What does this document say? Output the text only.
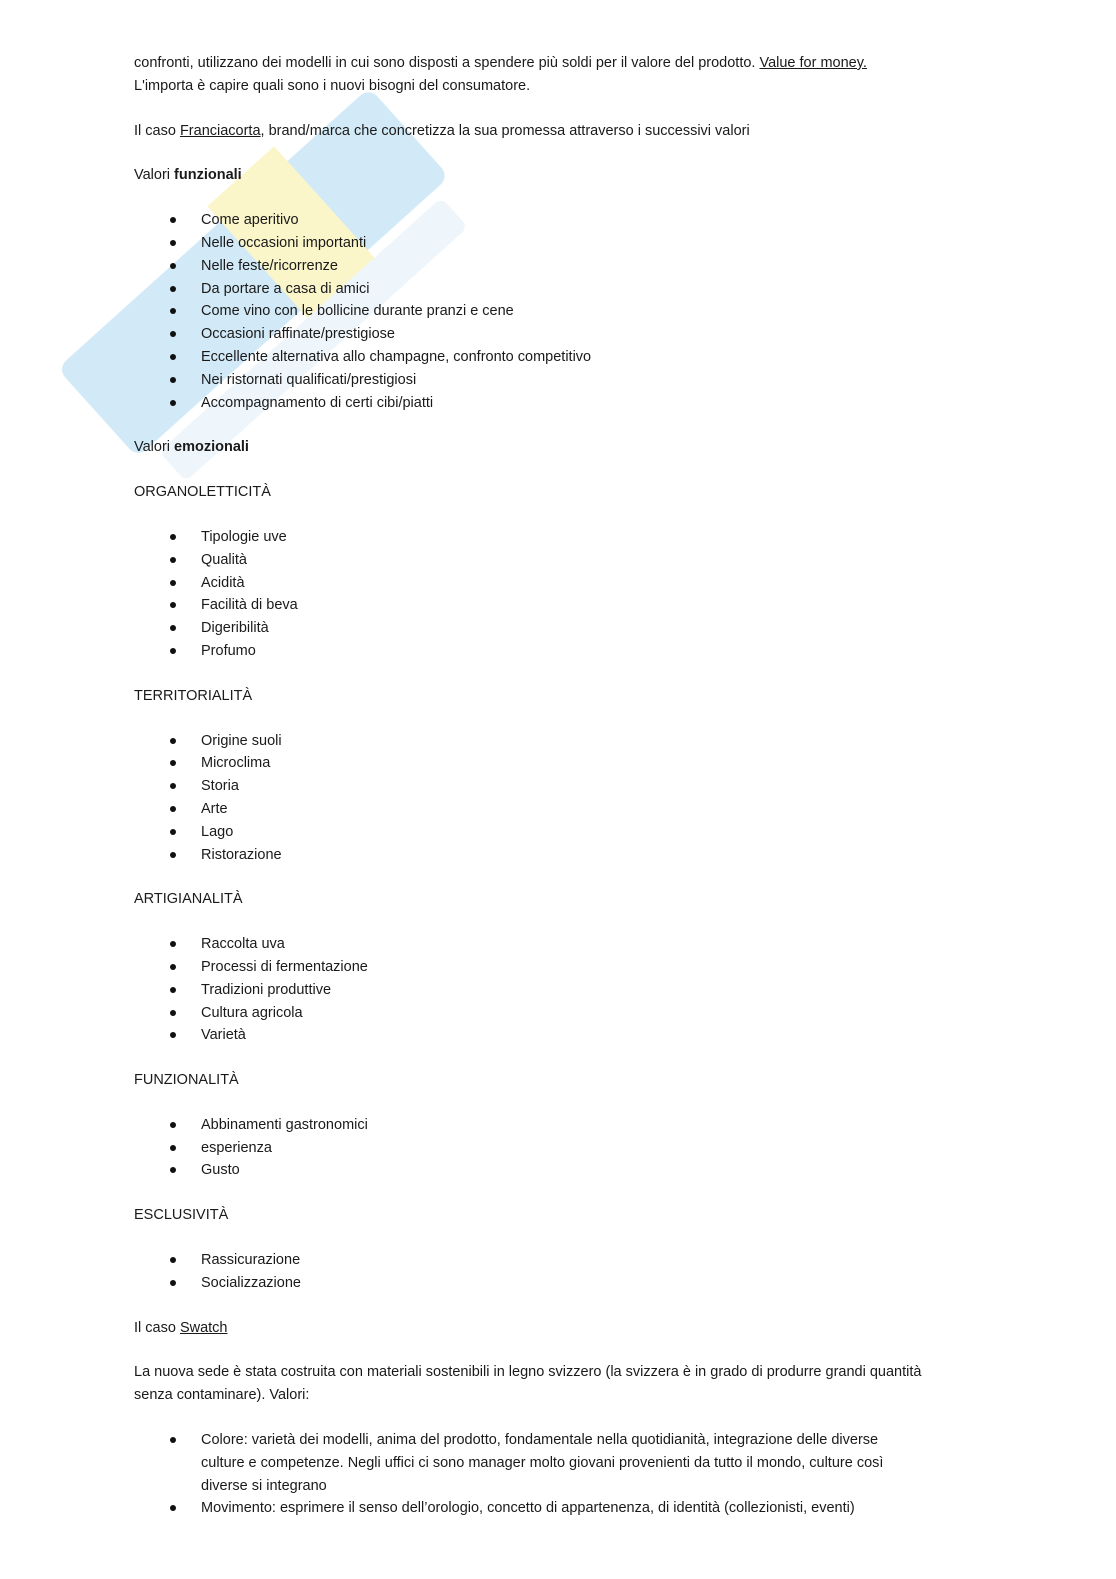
confronti, utilizzano dei modelli in cui sono disposti a spendere più soldi per il valore del prodotto. Value for money.

L'importa è capire quali sono i nuovi bisogni del consumatore.

Il caso Franciacorta, brand/marca che concretizza la sua promessa attraverso i successivi valori

Valori funzionali

Come aperitivo
Nelle occasioni importanti
Nelle feste/ricorrenze
Da portare a casa di amici
Come vino con le bollicine durante pranzi e cene
Occasioni raffinate/prestigiose
Eccellente alternativa allo champagne, confronto competitivo
Nei ristornati qualificati/prestigiosi
Accompagnamento di certi cibi/piatti

Valori emozionali

ORGANOLETTICITÀ

Tipologie uve
Qualità
Acidità
Facilità di beva
Digeribilità
Profumo

TERRITORIALITÀ

Origine suoli
Microclima
Storia
Arte
Lago
Ristorazione

ARTIGIANALITÀ

Raccolta uva
Processi di fermentazione
Tradizioni produttive
Cultura agricola
Varietà

FUNZIONALITÀ

Abbinamenti gastronomici
esperienza
Gusto

ESCLUSIVITÀ

Rassicurazione
Socializzazione

Il caso Swatch

La nuova sede è stata costruita con materiali sostenibili in legno svizzero (la svizzera è in grado di produrre grandi quantità

senza contaminare). Valori:

Colore: varietà dei modelli, anima del prodotto, fondamentale nella quotidianità, integrazione delle diverse
culture e competenze. Negli uffici ci sono manager molto giovani provenienti da tutto il mondo, culture così
diverse si integrano
Movimento: esprimere il senso dell’orologio, concetto di appartenenza, di identità (collezionisti, eventi)
